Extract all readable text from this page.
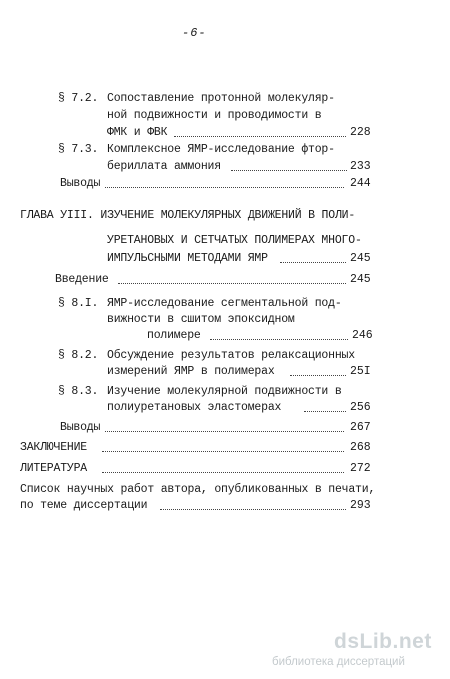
-6-
§ 7.2. Сопоставление протонной молекуляр-
ной подвижности и проводимости в
ФМК и ФВК	228
§ 7.3. Комплексное ЯМР-исследование фтор-
бериллата аммония	233
Выводы	244
ГЛАВА УIII. ИЗУЧЕНИЕ МОЛЕКУЛЯРНЫХ ДВИЖЕНИЙ В ПОЛИ-
УРЕТАНОВЫХ И СЕТЧАТЫХ ПОЛИМЕРАХ МНОГО-
ИМПУЛЬСНЫМИ МЕТОДАМИ ЯМР	245
Введение	245
§ 8.I. ЯМР-исследование сегментальной под-
вижности в сшитом эпоксидном
полимере	246
§ 8.2. Обсуждение результатов релаксационных
измерений ЯМР в полимерах	25I
§ 8.3. Изучение молекулярной подвижности в
полиуретановых эластомерах	256
Выводы	267
ЗАКЛЮЧЕНИЕ	268
ЛИТЕРАТУРА	272
Список научных работ автора, опубликованных в печати,
по теме диссертации	293
dsLib.net
библиотека диссертаций
